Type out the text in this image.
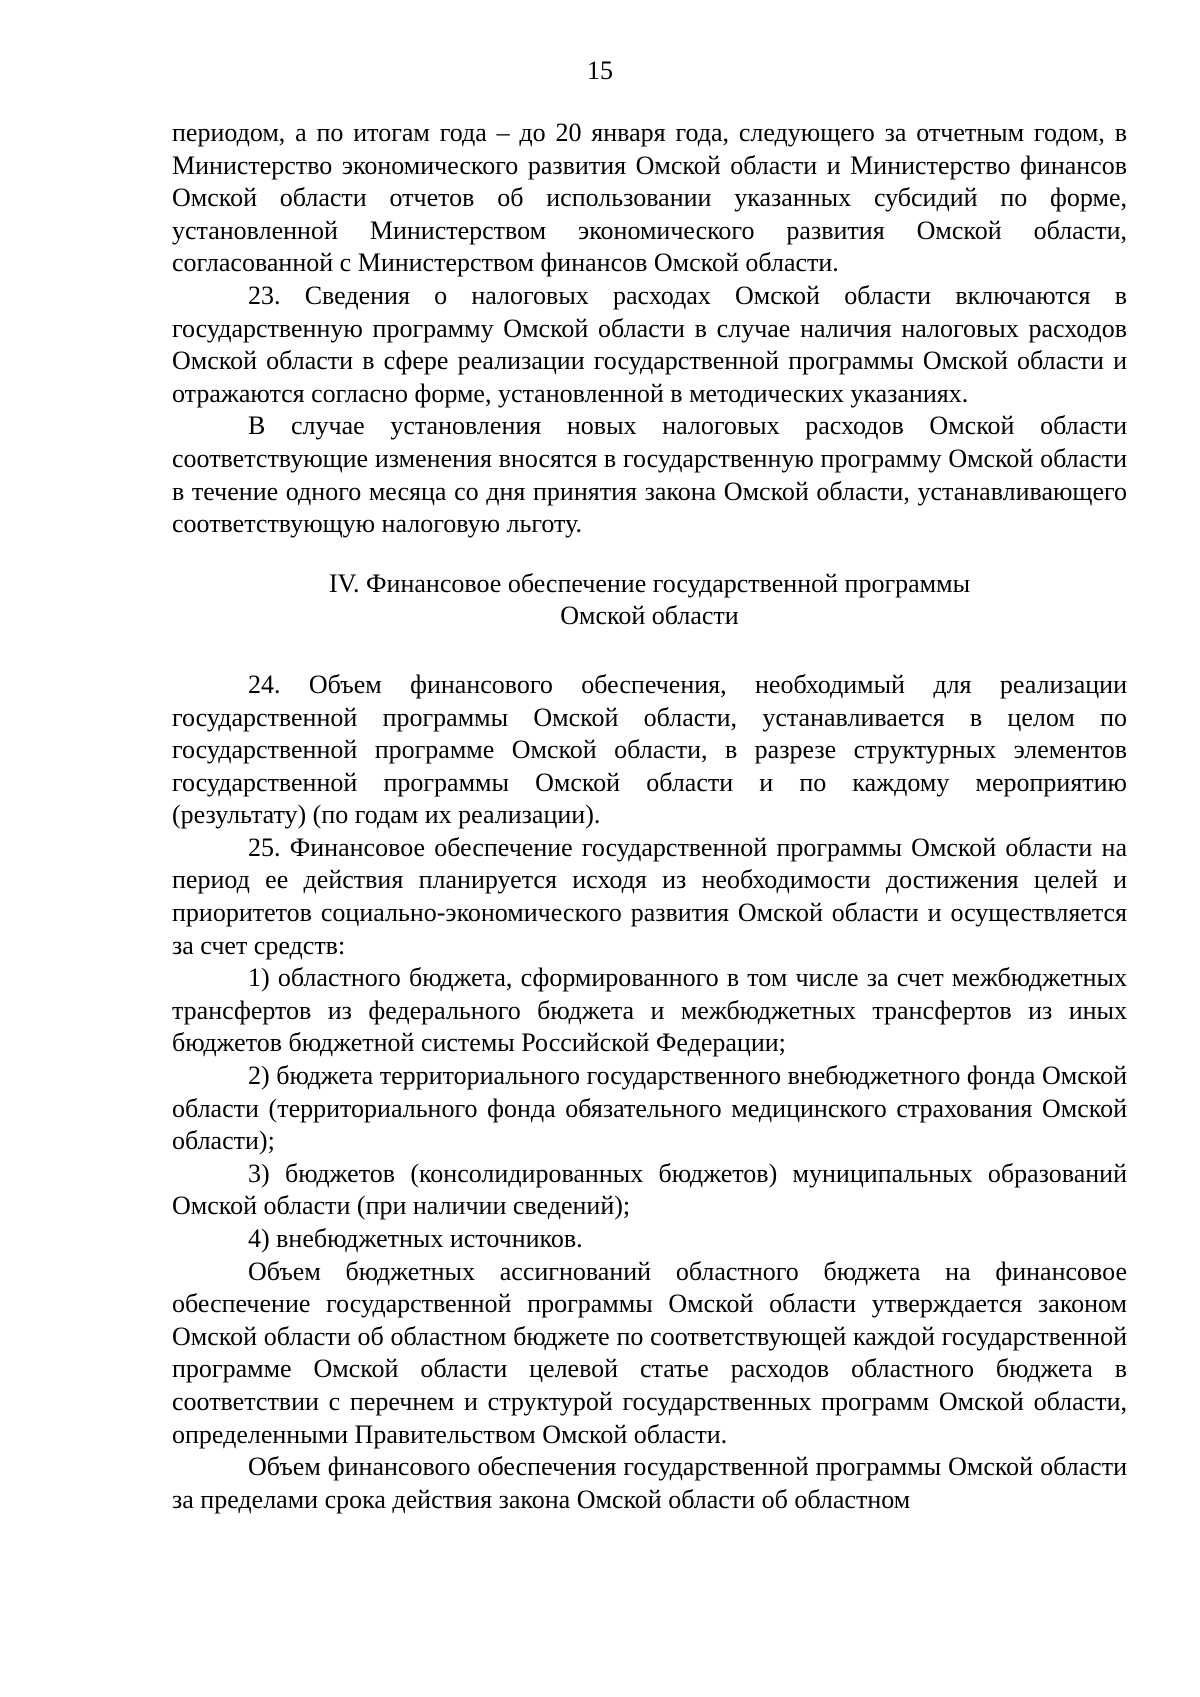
15

периодом, а по итогам года – до 20 января года, следующего за отчетным годом, в Министерство экономического развития Омской области и Министерство финансов Омской области отчетов об использовании указанных субсидий по форме, установленной Министерством экономического развития Омской области, согласованной с Министерством финансов Омской области.

23. Сведения о налоговых расходах Омской области включаются в государственную программу Омской области в случае наличия налоговых расходов Омской области в сфере реализации государственной программы Омской области и отражаются согласно форме, установленной в методических указаниях.

В случае установления новых налоговых расходов Омской области соответствующие изменения вносятся в государственную программу Омской области в течение одного месяца со дня принятия закона Омской области, устанавливающего соответствующую налоговую льготу.

IV. Финансовое обеспечение государственной программы
Омской области

24. Объем финансового обеспечения, необходимый для реализации государственной программы Омской области, устанавливается в целом по государственной программе Омской области, в разрезе структурных элементов государственной программы Омской области и по каждому мероприятию (результату) (по годам их реализации).

25. Финансовое обеспечение государственной программы Омской области на период ее действия планируется исходя из необходимости достижения целей и приоритетов социально-экономического развития Омской области и осуществляется за счет средств:

1) областного бюджета, сформированного в том числе за счет межбюджетных трансфертов из федерального бюджета и межбюджетных трансфертов из иных бюджетов бюджетной системы Российской Федерации;

2) бюджета территориального государственного внебюджетного фонда Омской области (территориального фонда обязательного медицинского страхования Омской области);

3) бюджетов (консолидированных бюджетов) муниципальных образований Омской области (при наличии сведений);

4) внебюджетных источников.

Объем бюджетных ассигнований областного бюджета на финансовое обеспечение государственной программы Омской области утверждается законом Омской области об областном бюджете по соответствующей каждой государственной программе Омской области целевой статье расходов областного бюджета в соответствии с перечнем и структурой государственных программ Омской области, определенными Правительством Омской области.

Объем финансового обеспечения государственной программы Омской области за пределами срока действия закона Омской области об областном
